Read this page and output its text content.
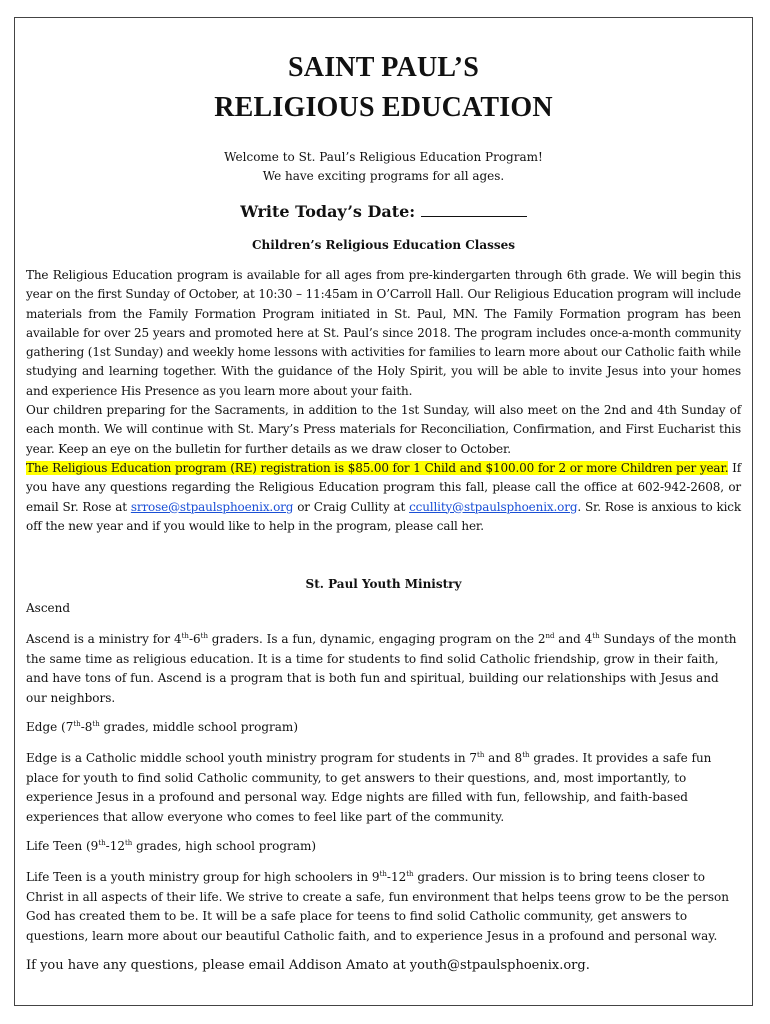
SAINT PAUL’S
RELIGIOUS EDUCATION
Welcome to St. Paul’s Religious Education Program!
We have exciting programs for all ages.
Write Today’s Date:
Children’s Religious Education Classes

The Religious Education program is available for all ages from pre-kindergarten through 6th grade. We will begin this year on the first Sunday of October, at 10:30 – 11:45am in O’Carroll Hall. Our Religious Education program will include materials from the Family Formation Program initiated in St. Paul, MN. The Family Formation program has been available for over 25 years and promoted here at St. Paul’s since 2018. The program includes once-a-month community gathering (1st Sunday) and weekly home lessons with activities for families to learn more about our Catholic faith while studying and learning together. With the guidance of the Holy Spirit, you will be able to invite Jesus into your homes and experience His Presence as you learn more about your faith.

Our children preparing for the Sacraments, in addition to the 1st Sunday, will also meet on the 2nd and 4th Sunday of each month. We will continue with St. Mary’s Press materials for Reconciliation, Confirmation, and First Eucharist this year. Keep an eye on the bulletin for further details as we draw closer to October.

The Religious Education program (RE) registration is $85.00 for 1 Child and $100.00 for 2 or more Children per year. If you have any questions regarding the Religious Education program this fall, please call the office at 602-942-2608, or email Sr. Rose at srrose@stpaulsphoenix.org or Craig Cullity at ccullity@stpaulsphoenix.org. Sr. Rose is anxious to kick off the new year and if you would like to help in the program, please call her.

St. Paul Youth Ministry
Ascend
Ascend is a ministry for 4th-6th graders. Is a fun, dynamic, engaging program on the 2nd and 4th Sundays of the month the same time as religious education. It is a time for students to find solid Catholic friendship, grow in their faith, and have tons of fun. Ascend is a program that is both fun and spiritual, building our relationships with Jesus and our neighbors.
Edge (7th-8th grades, middle school program)
Edge is a Catholic middle school youth ministry program for students in 7th and 8th grades. It provides a safe fun place for youth to find solid Catholic community, to get answers to their questions, and, most importantly, to experience Jesus in a profound and personal way. Edge nights are filled with fun, fellowship, and faith-based experiences that allow everyone who comes to feel like part of the community.
Life Teen (9th-12th grades, high school program)
Life Teen is a youth ministry group for high schoolers in 9th-12th graders. Our mission is to bring teens closer to Christ in all aspects of their life. We strive to create a safe, fun environment that helps teens grow to be the person God has created them to be. It will be a safe place for teens to find solid Catholic community, get answers to questions, learn more about our beautiful Catholic faith, and to experience Jesus in a profound and personal way.
If you have any questions, please email Addison Amato at youth@stpaulsphoenix.org.
